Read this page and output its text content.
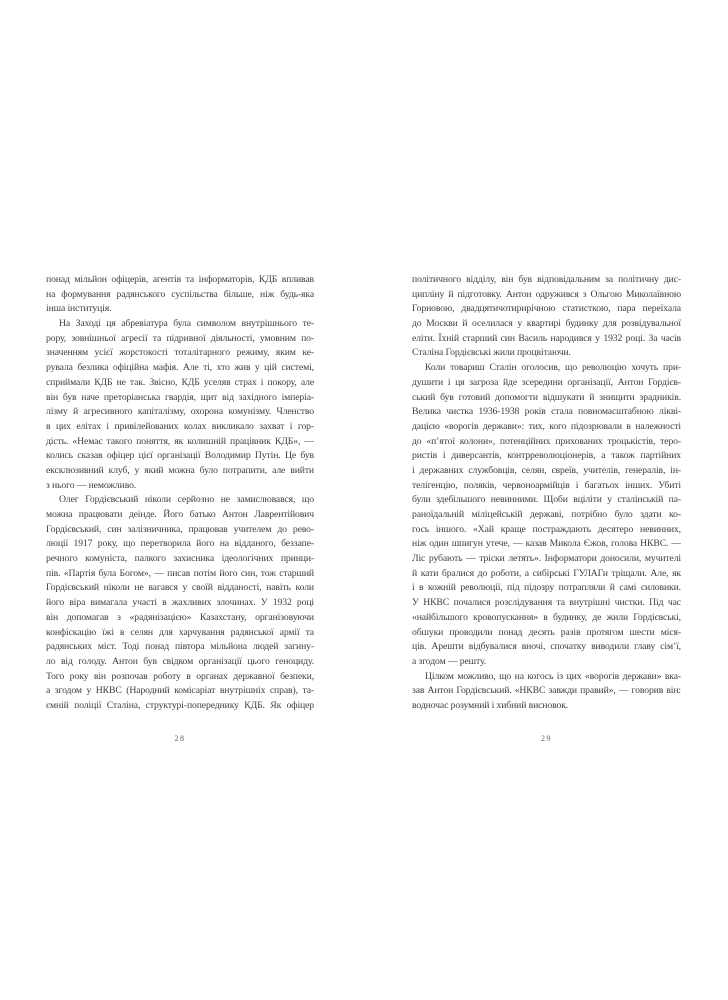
понад мільйон офіцерів, агентів та інформаторів, КДБ впливав
на формування радянського суспільства більше, ніж будь-яка
інша інституція.
На Заході ця абревіатура була символом внутрішнього те-
рору, зовнішньої агресії та підривної діяльності, умовним по-
значенням усієї жорстокості тоталітарного режиму, яким ке-
рувала безлика офіційна мафія. Але ті, хто жив у цій системі,
сприймали КДБ не так. Звісно, КДБ уселяв страх і покору, але
він був наче преторіанська гвардія, щит від західного імперіа-
лізму й агресивного капіталізму, охорона комунізму. Членство
в цих елітах і привілейованих колах викликало захват і гор-
дість. «Немає такого поняття, як колишній працівник КДБ», —
колись сказав офіцер цієї організації Володимир Путін. Це був
ексклюзивний клуб, у який можна було потрапити, але вийти
з нього — неможливо.
Олег Гордієвський ніколи серйозно не замислювався, що
можна працювати деінде. Його батько Антон Лаврентійович
Гордієвський, син залізничника, працював учителем до рево-
люції 1917 року, що перетворила його на відданого, беззапе-
речного комуніста, палкого захисника ідеологічних принци-
пів. «Партія була Богом», — писав потім його син, тож старший
Гордієвський ніколи не вагався у своїй відданості, навіть коли
його віра вимагала участі в жахливих злочинах. У 1932 році
він допомагав з «радянізацією» Казахстану, організовуючи
конфіскацію їжі в селян для харчування радянської армії та
радянських міст. Тоді понад півтора мільйона людей загину-
ло від голоду. Антон був свідком організації цього геноциду.
Того року він розпочав роботу в органах державної безпеки,
а згодом у НКВС (Народний комісаріат внутрішніх справ), та-
ємній поліції Сталіна, структурі-попереднику КДБ. Як офіцер
28
політичного відділу, він був відповідальним за політичну дис-
ципліну й підготовку. Антон одружився з Ольгою Миколаївною
Горновою, двадцятичотирирічною статисткою, пара переїхала
до Москви й оселилася у квартирі будинку для розвідувальної
еліти. Їхній старший син Василь народився у 1932 році. За часів
Сталіна Гордієвські жили процвітаючи.
Коли товариш Сталін оголосив, що революцію хочуть при-
душити і ця загроза йде зсередини організації, Антон Гордієв-
ський був готовий допомогти відшукати й знищити зрадників.
Велика чистка 1936-1938 років стала повномасштабною лікві-
дацією «ворогів держави»: тих, кого підозрювали в належності
до «п’ятої колони», потенційних прихованих троцькістів, теро-
ристів і диверсантів, контрреволюціонерів, а також партійних
і державних службовців, селян, євреїв, учителів, генералів, ін-
телігенцію, поляків, червоноармійців і багатьох інших. Убиті
були здебільшого невинними. Щоби вціліти у сталінській па-
раноїдальній міліцейській державі, потрібно було здати ко-
гось іншого. «Хай краще постраждають десятеро невинних,
ніж один шпигун утече, — казав Микола Єжов, голова НКВС. —
Ліс рубають — тріски летять». Інформатори доносили, мучителі
й кати бралися до роботи, а сибірські ГУЛАГи тріщали. Але, як
і в кожній революції, під підозру потрапляли й самі силовики.
У НКВС почалися розслідування та внутрішні чистки. Під час
«найбільшого кровопускання» в будинку, де жили Гордієвські,
обшуки проводили понад десять разів протягом шести міся-
ців. Арешти відбувалися вночі, спочатку виводили главу сім’ї,
а згодом — решту.
Цілком можливо, що на когось із цих «ворогів держави» вка-
зав Антон Гордієвський. «НКВС завжди правий», — говорив він:
водночас розумний і хибний висновок.
29
